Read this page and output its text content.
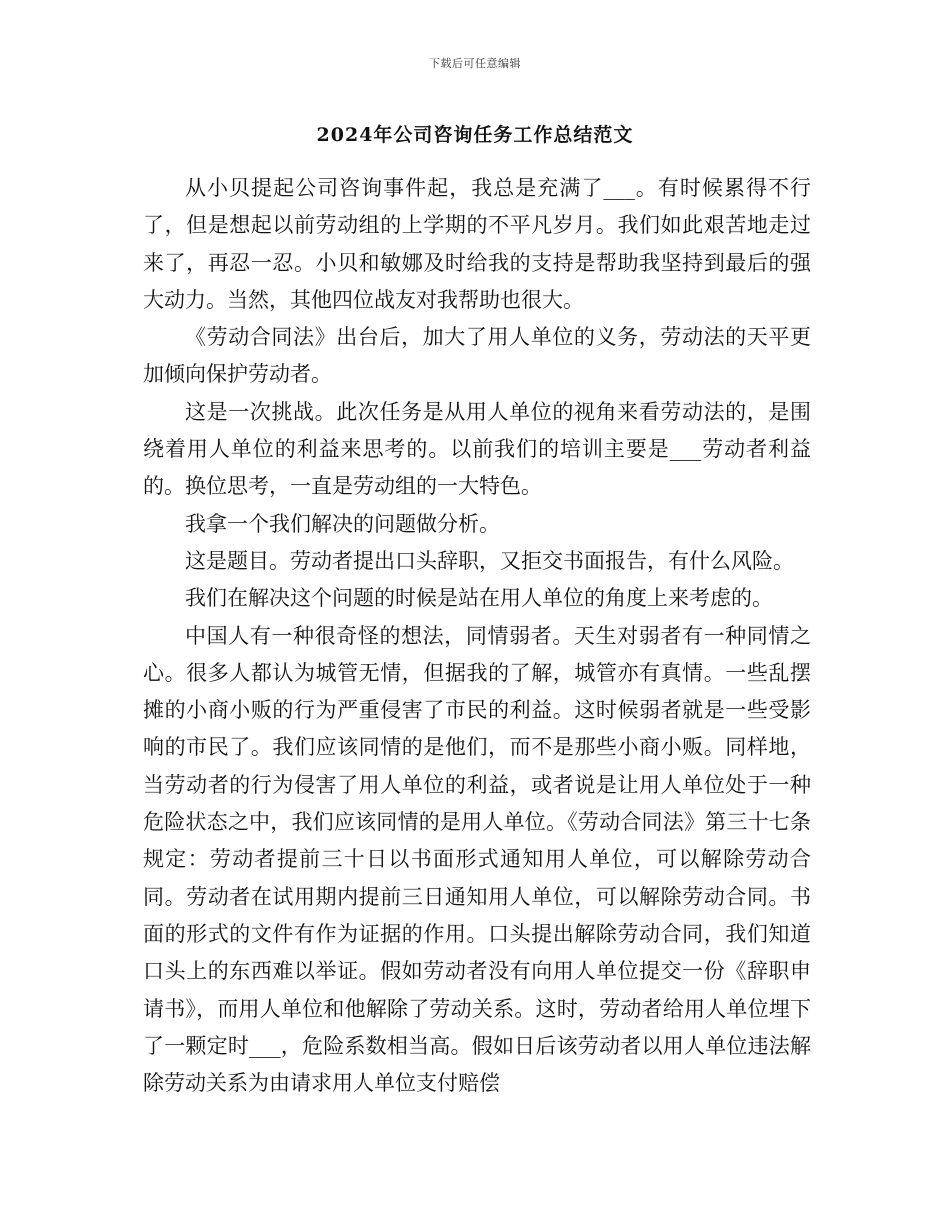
下载后可任意编辑
2024年公司咨询任务工作总结范文

从小贝提起公司咨询事件起，我总是充满了___。有时候累得不行了，但是想起以前劳动组的上学期的不平凡岁月。我们如此艰苦地走过来了，再忍一忍。小贝和敏娜及时给我的支持是帮助我坚持到最后的强大动力。当然，其他四位战友对我帮助也很大。

《劳动合同法》出台后，加大了用人单位的义务，劳动法的天平更加倾向保护劳动者。

这是一次挑战。此次任务是从用人单位的视角来看劳动法的，是围绕着用人单位的利益来思考的。以前我们的培训主要是___劳动者利益的。换位思考，一直是劳动组的一大特色。

我拿一个我们解决的问题做分析。

这是题目。劳动者提出口头辞职，又拒交书面报告，有什么风险。

我们在解决这个问题的时候是站在用人单位的角度上来考虑的。

中国人有一种很奇怪的想法，同情弱者。天生对弱者有一种同情之心。很多人都认为城管无情，但据我的了解，城管亦有真情。一些乱摆摊的小商小贩的行为严重侵害了市民的利益。这时候弱者就是一些受影响的市民了。我们应该同情的是他们，而不是那些小商小贩。同样地，当劳动者的行为侵害了用人单位的利益，或者说是让用人单位处于一种危险状态之中，我们应该同情的是用人单位。《劳动合同法》第三十七条规定：劳动者提前三十日以书面形式通知用人单位，可以解除劳动合同。劳动者在试用期内提前三日通知用人单位，可以解除劳动合同。书面的形式的文件有作为证据的作用。口头提出解除劳动合同，我们知道口头上的东西难以举证。假如劳动者没有向用人单位提交一份《辞职申请书》，而用人单位和他解除了劳动关系。这时，劳动者给用人单位埋下了一颗定时___，危险系数相当高。假如日后该劳动者以用人单位违法解除劳动关系为由请求用人单位支付赔偿
